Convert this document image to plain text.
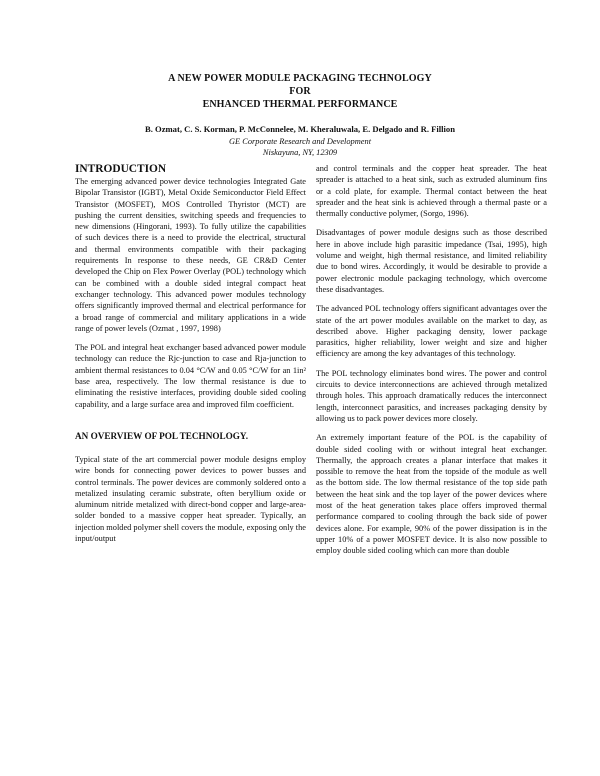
A NEW POWER MODULE PACKAGING TECHNOLOGY
FOR
ENHANCED THERMAL PERFORMANCE
B. Ozmat, C. S. Korman, P. McConnelee, M. Kheraluwala, E. Delgado and R. Fillion
GE Corporate Research and Development
Niskayuna, NY, 12309
INTRODUCTION

The emerging advanced power device technologies Integrated Gate Bipolar Transistor (IGBT), Metal Oxide Semiconductor Field Effect Transistor (MOSFET), MOS Controlled Thyristor (MCT) are pushing the current densities, switching speeds and frequencies to new dimensions (Hingorani, 1993). To fully utilize the capabilities of such devices there is a need to provide the electrical, structural and thermal environments compatible with their packaging requirements In response to these needs, GE CR&D Center developed the Chip on Flex Power Overlay (POL) technology which can be combined with a double sided integral compact heat exchanger technology. This advanced power modules technology offers significantly improved thermal and electrical performance for a broad range of commercial and military applications in a wide range of power levels (Ozmat , 1997, 1998)

The POL and integral heat exchanger based advanced power module technology can reduce the Rjc-junction to case and Rja-junction to ambient thermal resistances to 0.04 °C/W and 0.05 °C/W for an 1in² base area, respectively. The low thermal resistance is due to eliminating the resistive interfaces, providing double sided cooling capability, and a large surface area and improved film coefficient.

AN OVERVIEW OF POL TECHNOLOGY.

Typical state of the art commercial power module designs employ wire bonds for connecting power devices to power busses and control terminals. The power devices are commonly soldered onto a metalized insulating ceramic substrate, often beryllium oxide or aluminum nitride metalized with direct-bond copper and large-area-solder bonded to a massive copper heat spreader. Typically, an injection molded polymer shell covers the module, exposing only the input/output

and control terminals and the copper heat spreader. The heat spreader is attached to a heat sink, such as extruded aluminum fins or a cold plate, for example. Thermal contact between the heat spreader and the heat sink is achieved through a thermal paste or a thermally conductive polymer, (Sorgo, 1996).

Disadvantages of power module designs such as those described here in above include high parasitic impedance (Tsai, 1995), high volume and weight, high thermal resistance, and limited reliability due to bond wires. Accordingly, it would be desirable to provide a power electronic module packaging technology, which overcome these disadvantages.

The advanced POL technology offers significant advantages over the state of the art power modules available on the market to day, as described above. Higher packaging density, lower package parasitics, higher reliability, lower weight and size and higher efficiency are among the key advantages of this technology.

The POL technology eliminates bond wires. The power and control circuits to device interconnections are achieved through metalized through holes. This approach dramatically reduces the interconnect length, interconnect parasitics, and increases packaging density by allowing us to pack power devices more closely.

An extremely important feature of the POL is the capability of double sided cooling with or without integral heat exchanger. Thermally, the approach creates a planar interface that makes it possible to remove the heat from the topside of the module as well as the bottom side. The low thermal resistance of the top side path between the heat sink and the top layer of the power devices where most of the heat generation takes place offers improved thermal performance compared to cooling through the back side of power devices alone. For example, 90% of the power dissipation is in the upper 10% of a power MOSFET device. It is also now possible to employ double sided cooling which can more than double
